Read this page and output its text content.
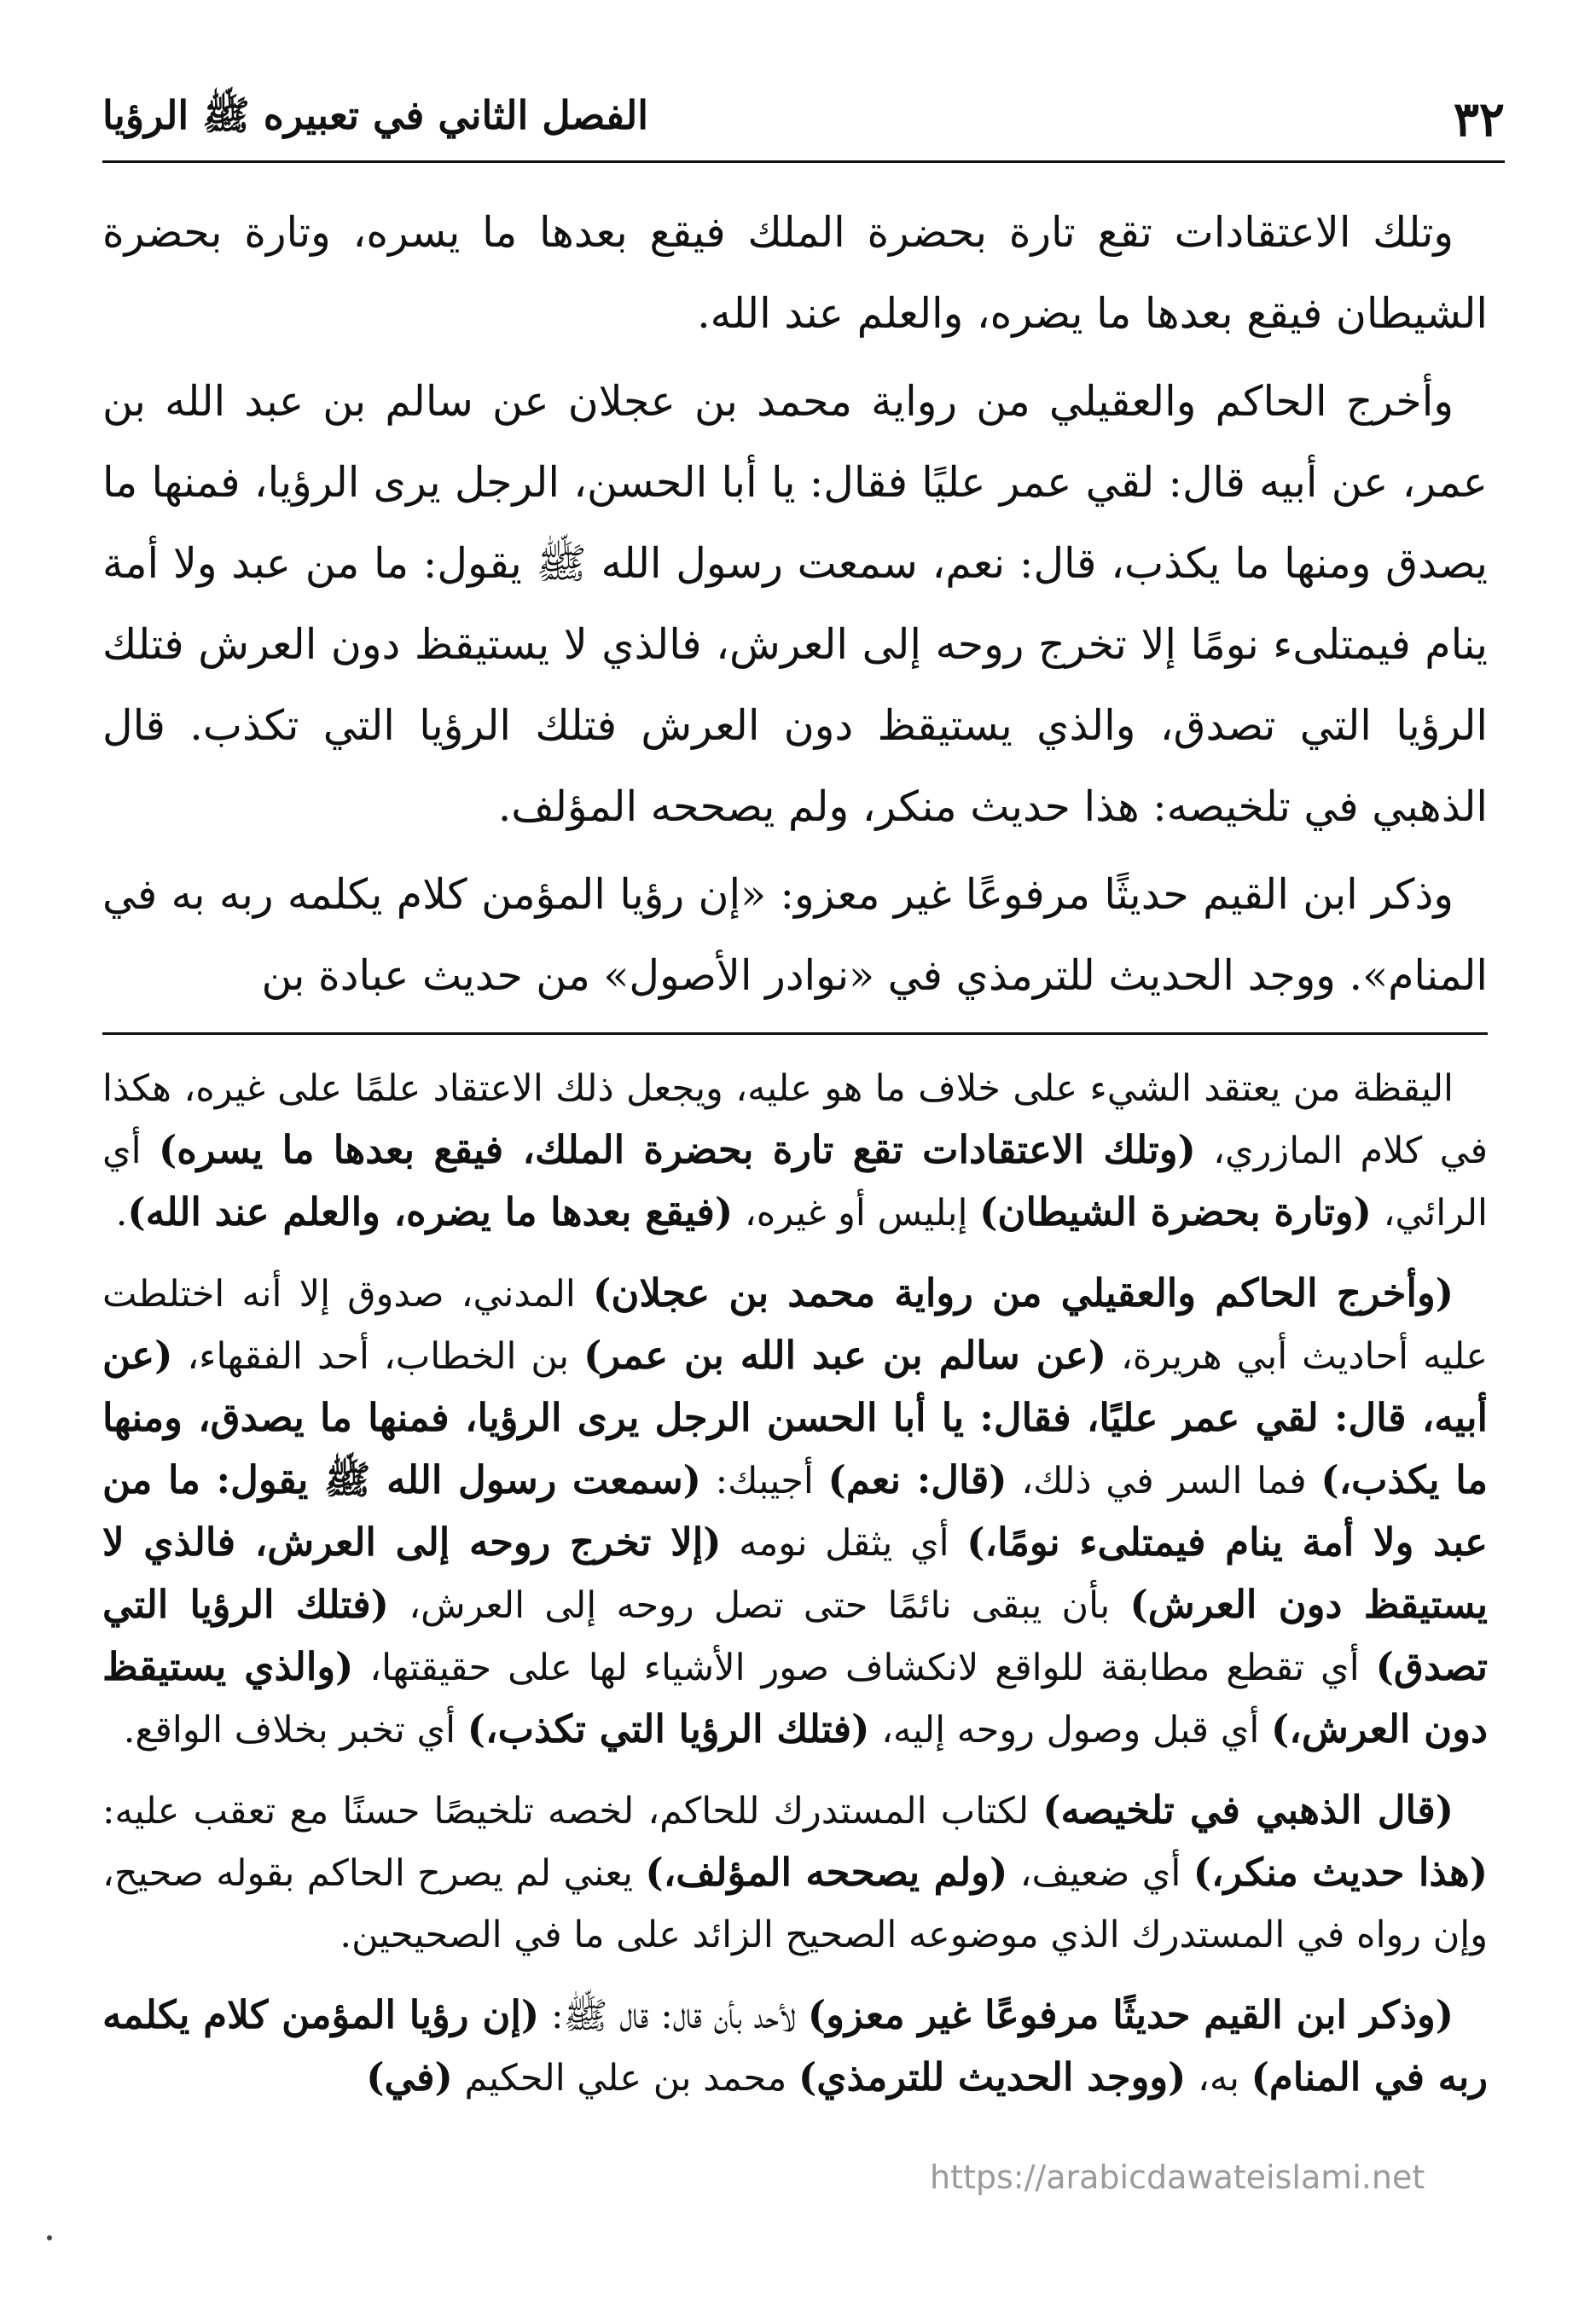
٣٢
الفصل الثاني في تعبيره ﷺ الرؤيا

وتلك الاعتقادات تقع تارة بحضرة الملك فيقع بعدها ما يسره، وتارة بحضرة الشيطان فيقع بعدها ما يضره، والعلم عند الله.

وأخرج الحاكم والعقيلي من رواية محمد بن عجلان عن سالم بن عبد الله بن عمر، عن أبيه قال: لقي عمر عليًا فقال: يا أبا الحسن، الرجل يرى الرؤيا، فمنها ما يصدق ومنها ما يكذب، قال: نعم، سمعت رسول الله ﷺ يقول: ما من عبد ولا أمة ينام فيمتلىء نومًا إلا تخرج روحه إلى العرش، فالذي لا يستيقظ دون العرش فتلك الرؤيا التي تصدق، والذي يستيقظ دون العرش فتلك الرؤيا التي تكذب. قال الذهبي في تلخيصه: هذا حديث منكر، ولم يصححه المؤلف.

وذكر ابن القيم حديثًا مرفوعًا غير معزو: «إن رؤيا المؤمن كلام يكلمه ربه به في المنام». ووجد الحديث للترمذي في «نوادر الأصول» من حديث عبادة بن

اليقظة من يعتقد الشيء على خلاف ما هو عليه، ويجعل ذلك الاعتقاد علمًا على غيره، هكذا في كلام المازري، (وتلك الاعتقادات تقع تارة بحضرة الملك، فيقع بعدها ما يسره) أي الرائي، (وتارة بحضرة الشيطان) إبليس أو غيره، (فيقع بعدها ما يضره، والعلم عند الله).

(وأخرج الحاكم والعقيلي من رواية محمد بن عجلان) المدني، صدوق إلا أنه اختلطت عليه أحاديث أبي هريرة، (عن سالم بن عبد الله بن عمر) بن الخطاب، أحد الفقهاء، (عن أبيه، قال: لقي عمر عليًا، فقال: يا أبا الحسن الرجل يرى الرؤيا، فمنها ما يصدق، ومنها ما يكذب،) فما السر في ذلك، (قال: نعم) أجيبك: (سمعت رسول الله ﷺ يقول: ما من عبد ولا أمة ينام فيمتلىء نومًا،) أي يثقل نومه (إلا تخرج روحه إلى العرش، فالذي لا يستيقظ دون العرش) بأن يبقى نائمًا حتى تصل روحه إلى العرش، (فتلك الرؤيا التي تصدق) أي تقطع مطابقة للواقع لانكشاف صور الأشياء لها على حقيقتها، (والذي يستيقظ دون العرش،) أي قبل وصول روحه إليه، (فتلك الرؤيا التي تكذب،) أي تخبر بخلاف الواقع.

(قال الذهبي في تلخيصه) لكتاب المستدرك للحاكم، لخصه تلخيصًا حسنًا مع تعقب عليه: (هذا حديث منكر،) أي ضعيف، (ولم يصححه المؤلف،) يعني لم يصرح الحاكم بقوله صحيح، وإن رواه في المستدرك الذي موضوعه الصحيح الزائد على ما في الصحيحين.

(وذكر ابن القيم حديثًا مرفوعًا غير معزو) لأحد بأن قال: قال ﷺ: (إن رؤيا المؤمن كلام يكلمه ربه في المنام) به، (ووجد الحديث للترمذي) محمد بن علي الحكيم (في)

https://arabicdawateislami.net
